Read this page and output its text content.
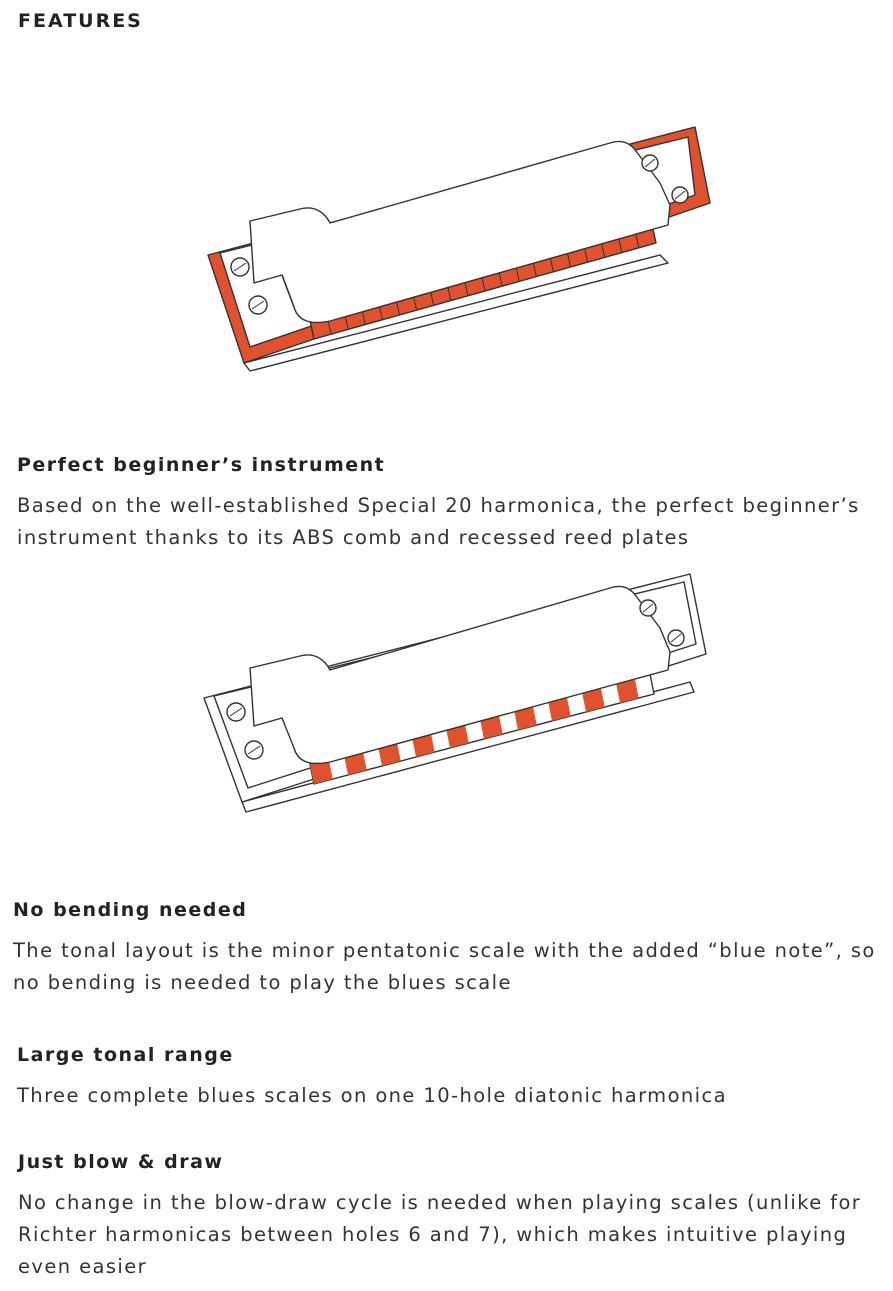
FEATURES
Perfect beginner’s instrument

Based on the well-established Special 20 harmonica, the perfect beginner’s instrument thanks to its ABS comb and recessed reed plates

No bending needed

The tonal layout is the minor pentatonic scale with the added “blue note”, so no bending is needed to play the blues scale

Large tonal range

Three complete blues scales on one 10-hole diatonic harmonica

Just blow & draw

No change in the blow-draw cycle is needed when playing scales (unlike for Richter harmonicas between holes 6 and 7), which makes intuitive playing even easier
